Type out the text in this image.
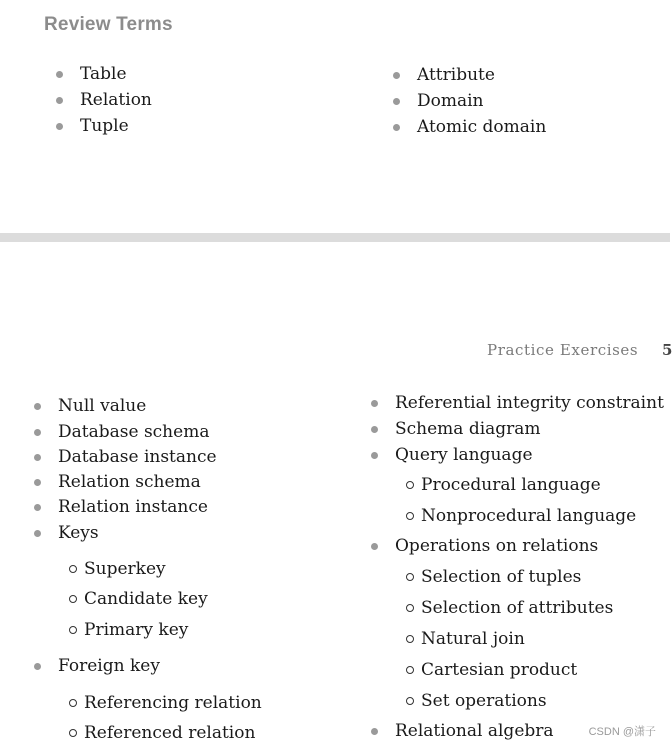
Review Terms
Table
Relation
Tuple
Attribute
Domain
Atomic domain
Practice Exercises 5
Null value
Database schema
Database instance
Relation schema
Relation instance
Keys
Superkey
Candidate key
Primary key
Foreign key
Referencing relation
Referenced relation
Referential integrity constraint
Schema diagram
Query language
Procedural language
Nonprocedural language
Operations on relations
Selection of tuples
Selection of attributes
Natural join
Cartesian product
Set operations
Relational algebra	CSDN @潇子
